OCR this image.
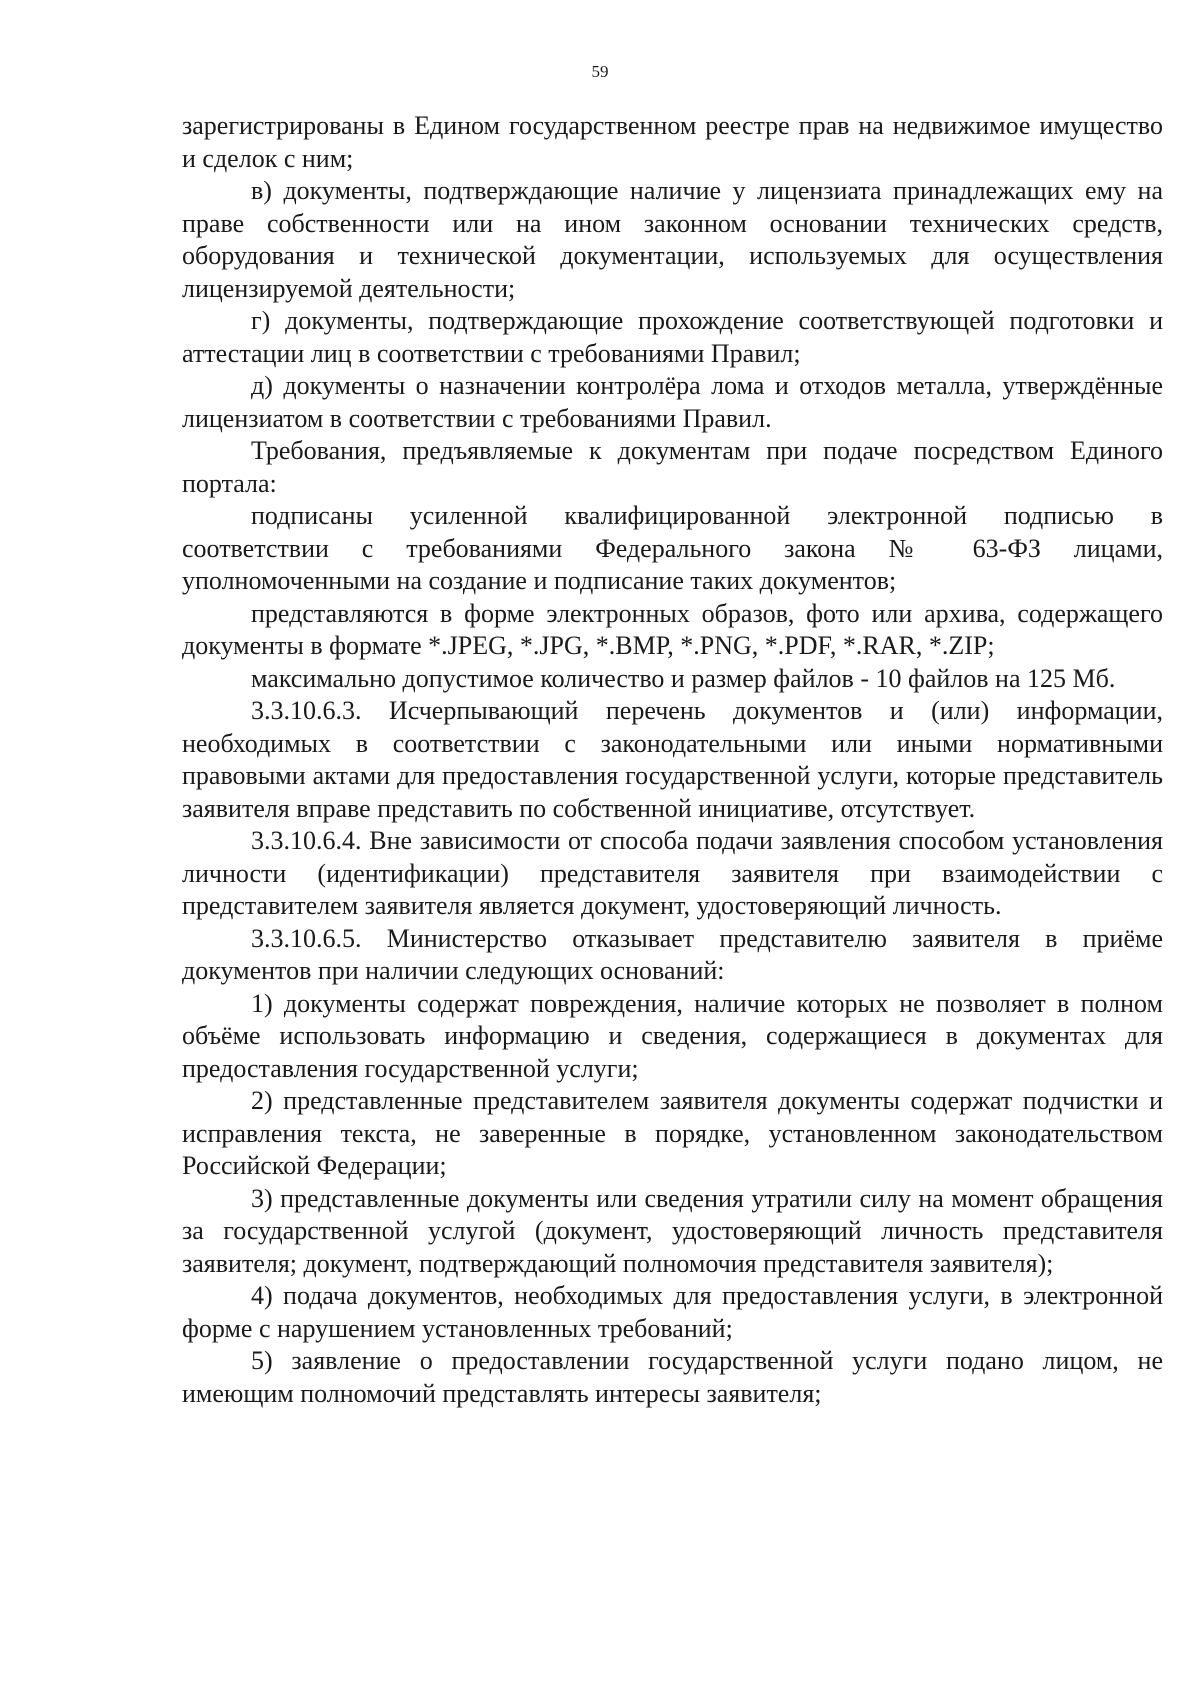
59

зарегистрированы в Едином государственном реестре прав на недвижимое имущество и сделок с ним;

в) документы, подтверждающие наличие у лицензиата принадлежащих ему на праве собственности или на ином законном основании технических средств, оборудования и технической документации, используемых для осуществления лицензируемой деятельности;

г) документы, подтверждающие прохождение соответствующей подготовки и аттестации лиц в соответствии с требованиями Правил;

д) документы о назначении контролёра лома и отходов металла, утверждённые лицензиатом в соответствии с требованиями Правил.

Требования, предъявляемые к документам при подаче посредством Единого портала:

подписаны усиленной квалифицированной электронной подписью в соответствии с требованиями Федерального закона № 63-ФЗ лицами, уполномоченными на создание и подписание таких документов;

представляются в форме электронных образов, фото или архива, содержащего документы в формате *.JPEG, *.JPG, *.BMP, *.PNG, *.PDF, *.RAR, *.ZIP;

максимально допустимое количество и размер файлов - 10 файлов на 125 Мб.

3.3.10.6.3. Исчерпывающий перечень документов и (или) информации, необходимых в соответствии с законодательными или иными нормативными правовыми актами для предоставления государственной услуги, которые представитель заявителя вправе представить по собственной инициативе, отсутствует.

3.3.10.6.4. Вне зависимости от способа подачи заявления способом установления личности (идентификации) представителя заявителя при взаимодействии с представителем заявителя является документ, удостоверяющий личность.

3.3.10.6.5. Министерство отказывает представителю заявителя в приёме документов при наличии следующих оснований:

1) документы содержат повреждения, наличие которых не позволяет в полном объёме использовать информацию и сведения, содержащиеся в документах для предоставления государственной услуги;

2) представленные представителем заявителя документы содержат подчистки и исправления текста, не заверенные в порядке, установленном законодательством Российской Федерации;

3) представленные документы или сведения утратили силу на момент обращения за государственной услугой (документ, удостоверяющий личность представителя заявителя; документ, подтверждающий полномочия представителя заявителя);

4) подача документов, необходимых для предоставления услуги, в электронной форме с нарушением установленных требований;

5) заявление о предоставлении государственной услуги подано лицом, не имеющим полномочий представлять интересы заявителя;
